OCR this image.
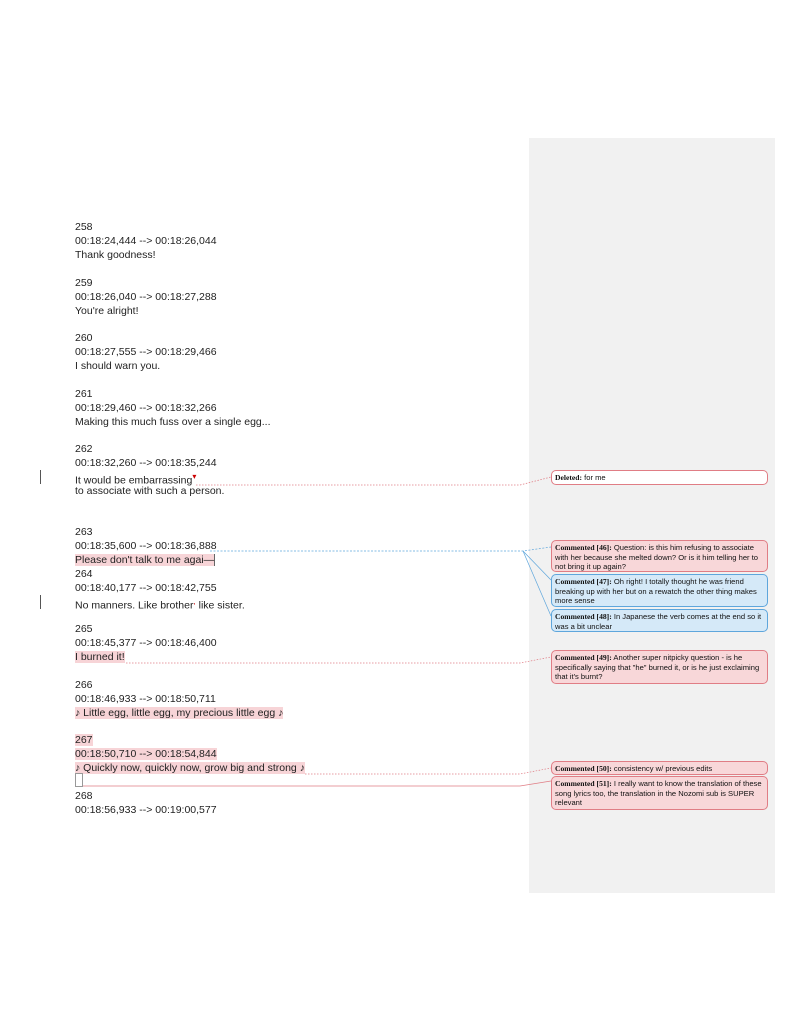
258
00:18:24,444 --> 00:18:26,044
Thank goodness!
259
00:18:26,040 --> 00:18:27,288
You're alright!
260
00:18:27,555 --> 00:18:29,466
I should warn you.
261
00:18:29,460 --> 00:18:32,266
Making this much fuss over a single egg...
262
00:18:32,260 --> 00:18:35,244
It would be embarrassing▾
to associate with such a person.
263
00:18:35,600 --> 00:18:36,888
Please don't talk to me agai—
264
00:18:40,177 --> 00:18:42,755
No manners. Like brother, like sister.
265
00:18:45,377 --> 00:18:46,400
I burned it!
266
00:18:46,933 --> 00:18:50,711
♪ Little egg, little egg, my precious little egg ♪
267
00:18:50,710 --> 00:18:54,844
♪ Quickly now, quickly now, grow big and strong ♪
268
00:18:56,933 --> 00:19:00,577
Deleted: for me
Commented [46]: Question: is this him refusing to associate with her because she melted down? Or is it him telling her to not bring it up again?
Commented [47]: Oh right! I totally thought he was friend breaking up with her but on a rewatch the other thing makes more sense
Commented [48]: In Japanese the verb comes at the end so it was a bit unclear
Commented [49]: Another super nitpicky question - is he specifically saying that "he" burned it, or is he just exclaiming that it's burnt?
Commented [50]: consistency w/ previous edits
Commented [51]: I really want to know the translation of these song lyrics too, the translation in the Nozomi sub is SUPER relevant
